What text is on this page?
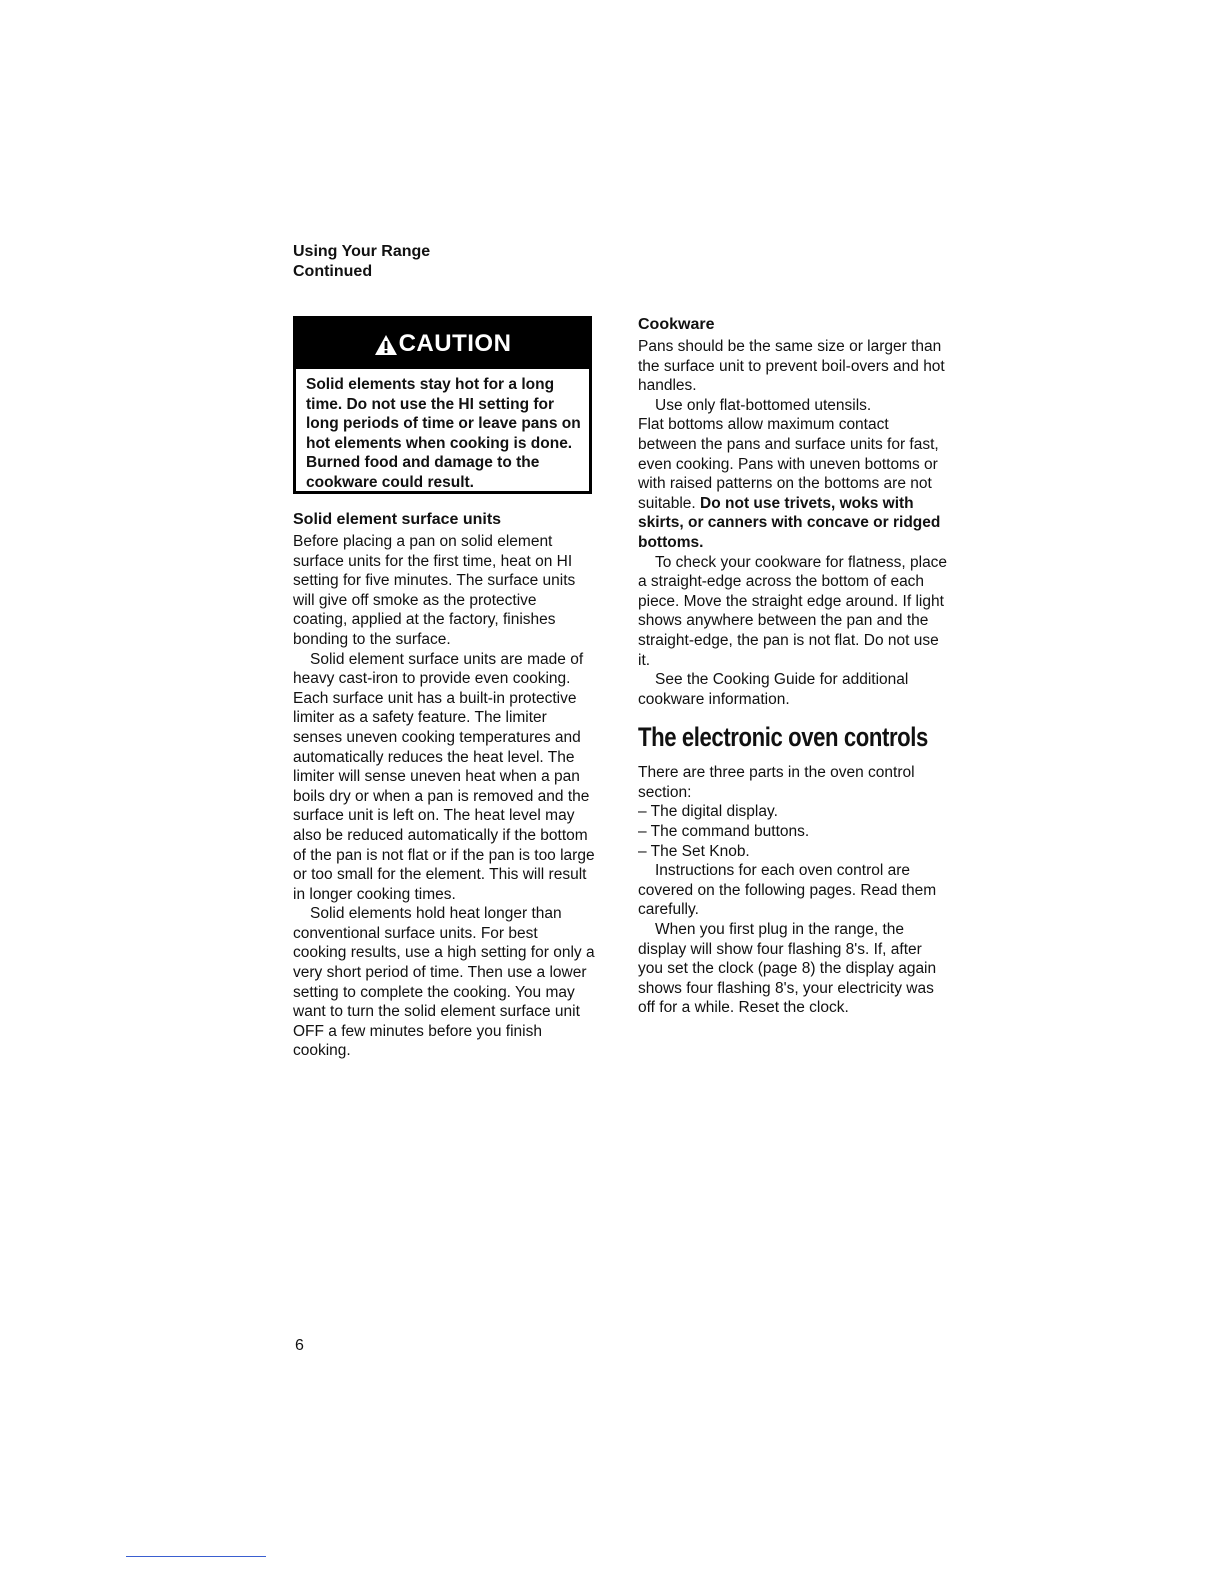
Using Your Range
Continued
CAUTION
Solid elements stay hot for a long time. Do not use the HI setting for long periods of time or leave pans on hot elements when cooking is done. Burned food and damage to the cookware could result.
Solid element surface units

Before placing a pan on solid element surface units for the first time, heat on HI setting for five minutes. The surface units will give off smoke as the protective coating, applied at the factory, finishes bonding to the surface.

Solid element surface units are made of heavy cast-iron to provide even cooking. Each surface unit has a built-in protective limiter as a safety feature. The limiter senses uneven cooking temperatures and automatically reduces the heat level. The limiter will sense uneven heat when a pan boils dry or when a pan is removed and the surface unit is left on. The heat level may also be reduced automatically if the bottom of the pan is not flat or if the pan is too large or too small for the element. This will result in longer cooking times.

Solid elements hold heat longer than conventional surface units. For best cooking results, use a high setting for only a very short period of time. Then use a lower setting to complete the cooking. You may want to turn the solid element surface unit OFF a few minutes before you finish cooking.

Cookware

Pans should be the same size or larger than the surface unit to prevent boil-overs and hot handles.

Use only flat-bottomed utensils.

Flat bottoms allow maximum contact between the pans and surface units for fast, even cooking. Pans with uneven bottoms or with raised patterns on the bottoms are not suitable. Do not use trivets, woks with skirts, or canners with concave or ridged bottoms.

To check your cookware for flatness, place a straight-edge across the bottom of each piece. Move the straight edge around. If light shows anywhere between the pan and the straight-edge, the pan is not flat. Do not use it.

See the Cooking Guide for additional cookware information.

The electronic oven controls

There are three parts in the oven control section:

– The digital display.

– The command buttons.

– The Set Knob.

Instructions for each oven control are covered on the following pages. Read them carefully.

When you first plug in the range, the display will show four flashing 8's. If, after you set the clock (page 8) the display again shows four flashing 8's, your electricity was off for a while. Reset the clock.

6
